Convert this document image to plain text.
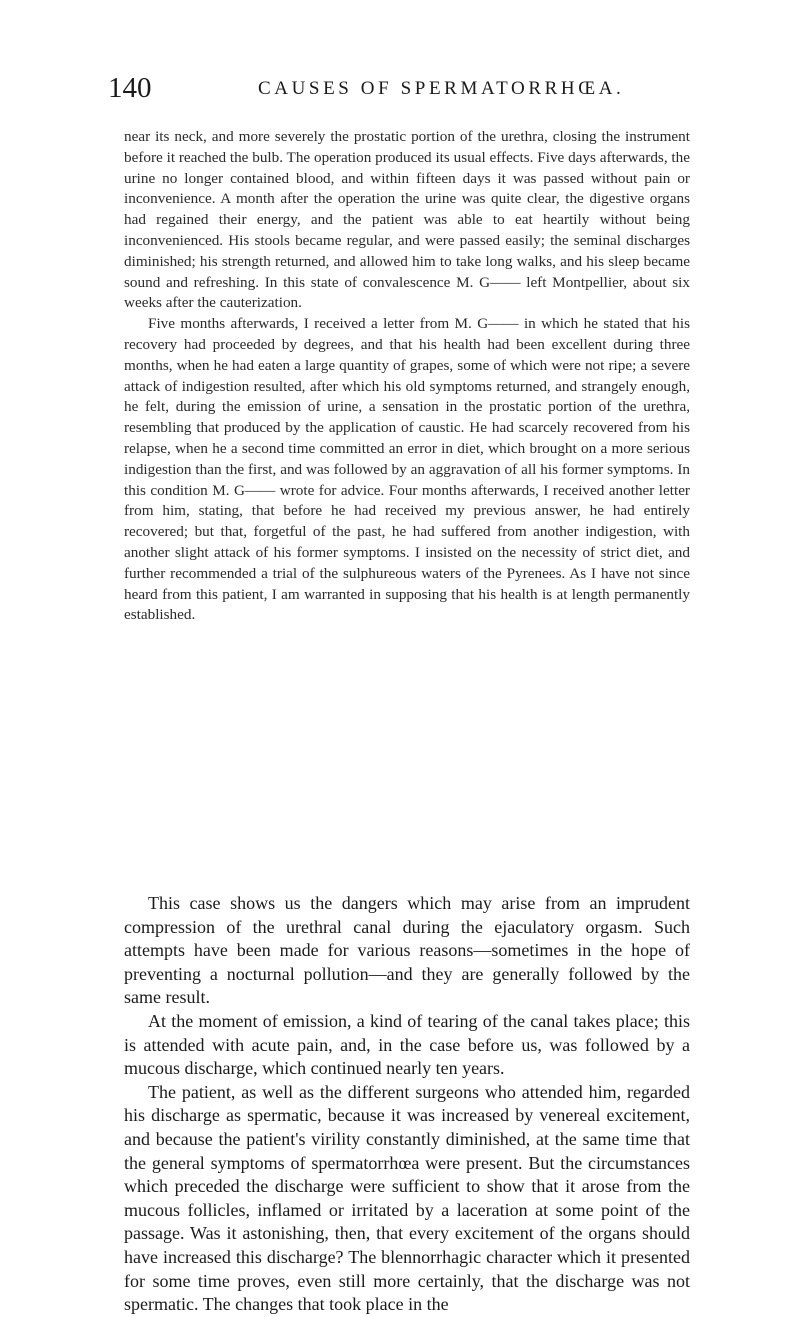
140	CAUSES OF SPERMATORRHŒA.

near its neck, and more severely the prostatic portion of the urethra, closing the instrument before it reached the bulb. The operation produced its usual effects. Five days afterwards, the urine no longer contained blood, and within fifteen days it was passed without pain or inconvenience. A month after the operation the urine was quite clear, the digestive organs had regained their energy, and the patient was able to eat heartily without being inconvenienced. His stools became regular, and were passed easily; the seminal discharges diminished; his strength returned, and allowed him to take long walks, and his sleep became sound and refreshing. In this state of convalescence M. G—— left Montpellier, about six weeks after the cauterization.

Five months afterwards, I received a letter from M. G—— in which he stated that his recovery had proceeded by degrees, and that his health had been excellent during three months, when he had eaten a large quantity of grapes, some of which were not ripe; a severe attack of indigestion resulted, after which his old symptoms returned, and strangely enough, he felt, during the emission of urine, a sensation in the prostatic portion of the urethra, resembling that produced by the application of caustic. He had scarcely recovered from his relapse, when he a second time committed an error in diet, which brought on a more serious indigestion than the first, and was followed by an aggravation of all his former symptoms. In this condition M. G—— wrote for advice. Four months afterwards, I received another letter from him, stating, that before he had received my previous answer, he had entirely recovered; but that, forgetful of the past, he had suffered from another indigestion, with another slight attack of his former symptoms. I insisted on the necessity of strict diet, and further recommended a trial of the sulphureous waters of the Pyrenees. As I have not since heard from this patient, I am warranted in supposing that his health is at length permanently established.

This case shows us the dangers which may arise from an imprudent compression of the urethral canal during the ejaculatory orgasm. Such attempts have been made for various reasons—sometimes in the hope of preventing a nocturnal pollution—and they are generally followed by the same result.

At the moment of emission, a kind of tearing of the canal takes place; this is attended with acute pain, and, in the case before us, was followed by a mucous discharge, which continued nearly ten years.

The patient, as well as the different surgeons who attended him, regarded his discharge as spermatic, because it was increased by venereal excitement, and because the patient's virility constantly diminished, at the same time that the general symptoms of spermatorrhœa were present. But the circumstances which preceded the discharge were sufficient to show that it arose from the mucous follicles, inflamed or irritated by a laceration at some point of the passage. Was it astonishing, then, that every excitement of the organs should have increased this discharge? The blennorrhagic character which it presented for some time proves, even still more certainly, that the discharge was not spermatic. The changes that took place in the
